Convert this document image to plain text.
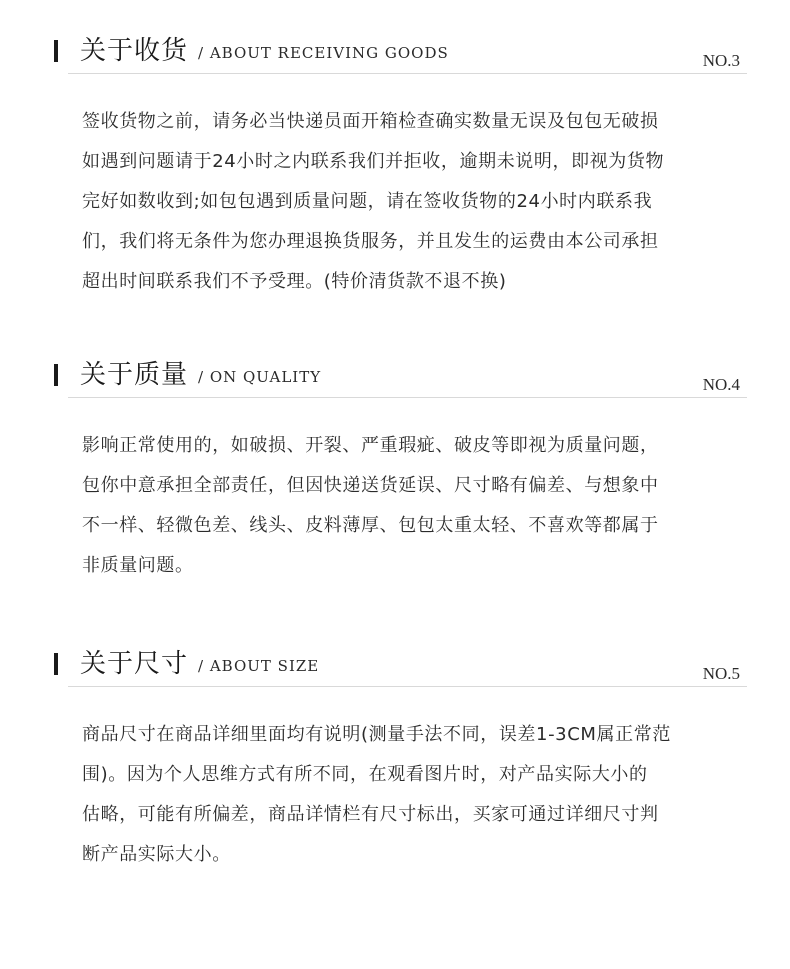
关于收货 / ABOUT RECEIVING GOODS	NO.3
签收货物之前，请务必当快递员面开箱检查确实数量无误及包包无破损
如遇到问题请于24小时之内联系我们并拒收，逾期未说明，即视为货物
完好如数收到;如包包遇到质量问题，请在签收货物的24小时内联系我
们，我们将无条件为您办理退换货服务，并且发生的运费由本公司承担
超出时间联系我们不予受理。(特价清货款不退不换)
关于质量 / ON QUALITY	NO.4
影响正常使用的，如破损、开裂、严重瑕疵、破皮等即视为质量问题，
包你中意承担全部责任，但因快递送货延误、尺寸略有偏差、与想象中
不一样、轻微色差、线头、皮料薄厚、包包太重太轻、不喜欢等都属于
非质量问题。
关于尺寸 / ABOUT SIZE	NO.5
商品尺寸在商品详细里面均有说明(测量手法不同，误差1-3CM属正常范
围)。因为个人思维方式有所不同，在观看图片时，对产品实际大小的
估略，可能有所偏差，商品详情栏有尺寸标出，买家可通过详细尺寸判
断产品实际大小。
